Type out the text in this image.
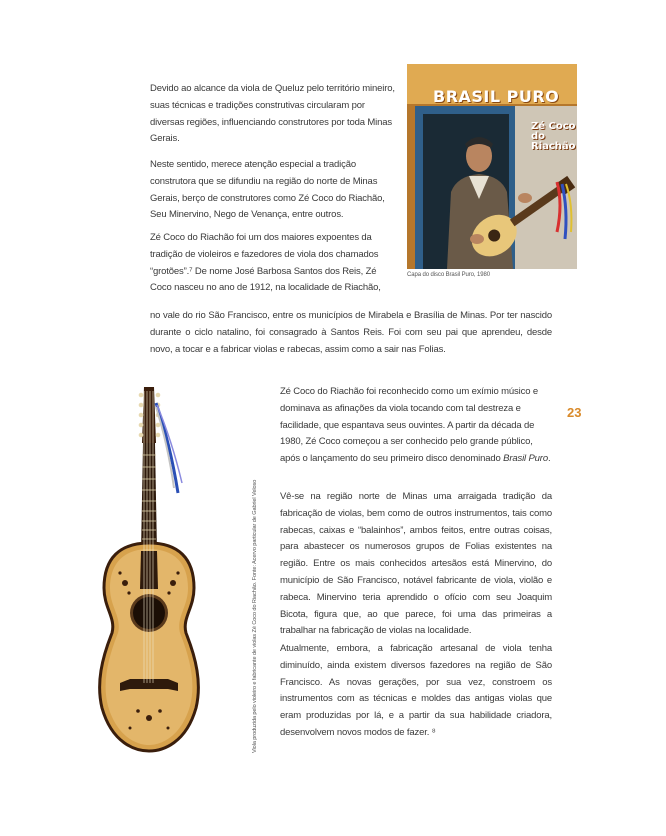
Devido ao alcance da viola de Queluz pelo território mineiro, suas técnicas e tradições construtivas circularam por diversas regiões, influenciando construtores por toda Minas Gerais.

Neste sentido, merece atenção especial a tradição construtora que se difundiu na região do norte de Minas Gerais, berço de construtores como Zé Coco do Riachão, Seu Minervino, Nego de Venança, entre outros.

Zé Coco do Riachão foi um dos maiores expoentes da tradição de violeiros e fazedores de viola dos chamados “grotões”.⁷ De nome José Barbosa Santos dos Reis, Zé Coco nasceu no ano de 1912, na localidade de Riachão,

no vale do rio São Francisco, entre os municípios de Mirabela e Brasília de Minas. Por ter nascido durante o ciclo natalino, foi consagrado à Santos Reis. Foi com seu pai que aprendeu, desde novo, a tocar e a fabricar violas e rabecas, assim como a sair nas Folias.

Zé Coco do Riachão foi reconhecido como um exímio músico e dominava as afinações da viola tocando com tal destreza e facilidade, que espantava seus ouvintes. A partir da década de 1980, Zé Coco começou a ser conhecido pelo grande público, após o lançamento do seu primeiro disco denominado Brasil Puro.

Vê-se na região norte de Minas uma arraigada tradição da fabricação de violas, bem como de outros instrumentos, tais como rabecas, caixas e “balainhos”, ambos feitos, entre outras coisas, para abastecer os numerosos grupos de Folias existentes na região. Entre os mais conhecidos artesãos está Minervino, do município de São Francisco, notável fabricante de viola, violão e rabeca. Minervino teria aprendido o ofício com seu Joaquim Bicota, figura que, ao que parece, foi uma das primeiras a trabalhar na fabricação de violas na localidade.

Atualmente, embora, a fabricação artesanal de viola tenha diminuído, ainda existem diversos fazedores na região de São Francisco. As novas gerações, por sua vez, constroem os instrumentos com as técnicas e moldes das antigas violas que eram produzidas por lá, e a partir da sua habilidade criadora, desenvolvem novos modos de fazer. ⁸

BRASIL PURO
Zé Coco do Riachão
Capa do disco Brasil Puro, 1980
23
Viola produzida pelo violeiro e fabricante de violas Zé Coco do Riachão. Fonte: Acervo particular de Gabriel Veloso
